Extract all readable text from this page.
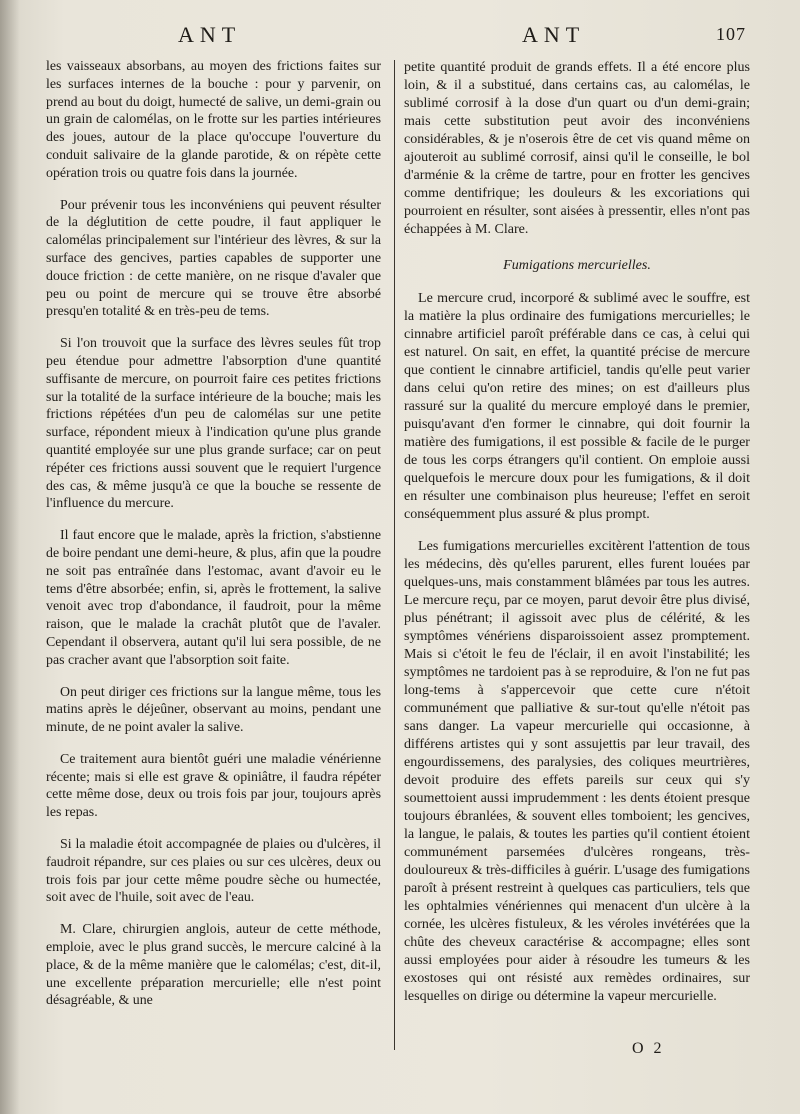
ANT	ANT	107

les vaisseaux absorbans, au moyen des frictions faites sur les surfaces internes de la bouche : pour y parvenir, on prend au bout du doigt, humecté de salive, un demi-grain ou un grain de calomélas, on le frotte sur les parties intérieures des joues, autour de la place qu'occupe l'ouverture du conduit salivaire de la glande parotide, & on répète cette opération trois ou quatre fois dans la journée.

Pour prévenir tous les inconvéniens qui peuvent résulter de la déglutition de cette poudre, il faut appliquer le calomélas principalement sur l'intérieur des lèvres, & sur la surface des gencives, parties capables de supporter une douce friction : de cette manière, on ne risque d'avaler que peu ou point de mercure qui se trouve être absorbé presqu'en totalité & en très-peu de tems.

Si l'on trouvoit que la surface des lèvres seules fût trop peu étendue pour admettre l'absorption d'une quantité suffisante de mercure, on pourroit faire ces petites frictions sur la totalité de la surface intérieure de la bouche; mais les frictions répétées d'un peu de calomélas sur une petite surface, répondent mieux à l'indication qu'une plus grande quantité employée sur une plus grande surface; car on peut répéter ces frictions aussi souvent que le requiert l'urgence des cas, & même jusqu'à ce que la bouche se ressente de l'influence du mercure.

Il faut encore que le malade, après la friction, s'abstienne de boire pendant une demi-heure, & plus, afin que la poudre ne soit pas entraînée dans l'estomac, avant d'avoir eu le tems d'être absorbée; enfin, si, après le frottement, la salive venoit avec trop d'abondance, il faudroit, pour la même raison, que le malade la crachât plutôt que de l'avaler. Cependant il observera, autant qu'il lui sera possible, de ne pas cracher avant que l'absorption soit faite.

On peut diriger ces frictions sur la langue même, tous les matins après le déjeûner, observant au moins, pendant une minute, de ne point avaler la salive.

Ce traitement aura bientôt guéri une maladie vénérienne récente; mais si elle est grave & opiniâtre, il faudra répéter cette même dose, deux ou trois fois par jour, toujours après les repas.

Si la maladie étoit accompagnée de plaies ou d'ulcères, il faudroit répandre, sur ces plaies ou sur ces ulcères, deux ou trois fois par jour cette même poudre sèche ou humectée, soit avec de l'huile, soit avec de l'eau.

M. Clare, chirurgien anglois, auteur de cette méthode, emploie, avec le plus grand succès, le mercure calciné à la place, & de la même manière que le calomélas; c'est, dit-il, une excellente préparation mercurielle; elle n'est point désagréable, & une

petite quantité produit de grands effets. Il a été encore plus loin, & il a substitué, dans certains cas, au calomélas, le sublimé corrosif à la dose d'un quart ou d'un demi-grain; mais cette substitution peut avoir des inconvéniens considérables, & je n'oserois être de cet vis quand même on ajouteroit au sublimé corrosif, ainsi qu'il le conseille, le bol d'arménie & la crême de tartre, pour en frotter les gencives comme dentifrique; les douleurs & les excoriations qui pourroient en résulter, sont aisées à pressentir, elles n'ont pas échappées à M. Clare.

Fumigations mercurielles.

Le mercure crud, incorporé & sublimé avec le souffre, est la matière la plus ordinaire des fumigations mercurielles; le cinnabre artificiel paroît préférable dans ce cas, à celui qui est naturel. On sait, en effet, la quantité précise de mercure que contient le cinnabre artificiel, tandis qu'elle peut varier dans celui qu'on retire des mines; on est d'ailleurs plus rassuré sur la qualité du mercure employé dans le premier, puisqu'avant d'en former le cinnabre, qui doit fournir la matière des fumigations, il est possible & facile de le purger de tous les corps étrangers qu'il contient. On emploie aussi quelquefois le mercure doux pour les fumigations, & il doit en résulter une combinaison plus heureuse; l'effet en seroit conséquemment plus assuré & plus prompt.

Les fumigations mercurielles excitèrent l'attention de tous les médecins, dès qu'elles parurent, elles furent louées par quelques-uns, mais constamment blâmées par tous les autres. Le mercure reçu, par ce moyen, parut devoir être plus divisé, plus pénétrant; il agissoit avec plus de célérité, & les symptômes vénériens disparoissoient assez promptement. Mais si c'étoit le feu de l'éclair, il en avoit l'instabilité; les symptômes ne tardoient pas à se reproduire, & l'on ne fut pas long-tems à s'appercevoir que cette cure n'étoit communément que palliative & sur-tout qu'elle n'étoit pas sans danger. La vapeur mercurielle qui occasionne, à différens artistes qui y sont assujettis par leur travail, des engourdissemens, des paralysies, des coliques meurtrières, devoit produire des effets pareils sur ceux qui s'y soumettoient aussi imprudemment : les dents étoient presque toujours ébranlées, & souvent elles tomboient; les gencives, la langue, le palais, & toutes les parties qu'il contient étoient communément parsemées d'ulcères rongeans, très-douloureux & très-difficiles à guérir. L'usage des fumigations paroît à présent restreint à quelques cas particuliers, tels que les ophtalmies vénériennes qui menacent d'un ulcère à la cornée, les ulcères fistuleux, & les véroles invétérées que la chûte des cheveux caractérise & accompagne; elles sont aussi employées pour aider à résoudre les tumeurs & les exostoses qui ont résisté aux remèdes ordinaires, sur lesquelles on dirige ou détermine la vapeur mercurielle.

O 2
